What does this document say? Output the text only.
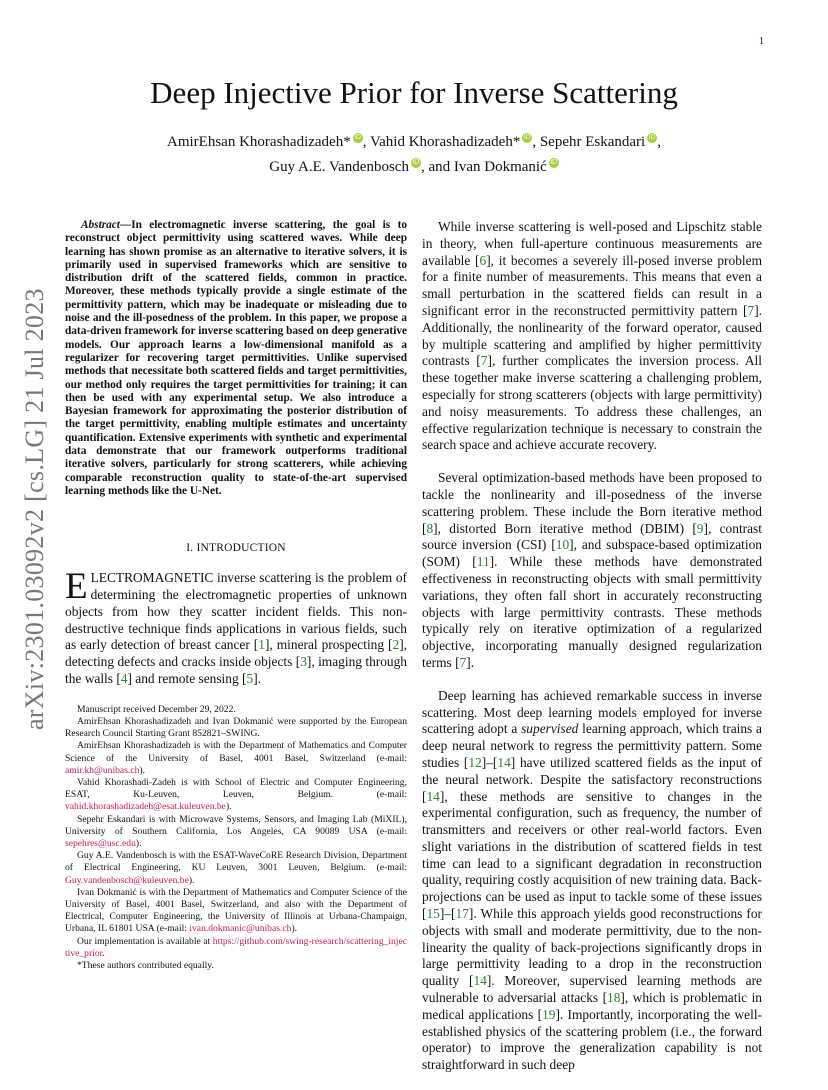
1
arXiv:2301.03092v2 [cs.LG] 21 Jul 2023
Deep Injective Prior for Inverse Scattering
AmirEhsan Khorashadizadeh* iD , Vahid Khorashadizadeh* iD , Sepehr Eskandari iD ,
Guy A.E. Vandenbosch iD , and Ivan Dokmanić iD

Abstract—In electromagnetic inverse scattering, the goal is to reconstruct object permittivity using scattered waves. While deep learning has shown promise as an alternative to iterative solvers, it is primarily used in supervised frameworks which are sensitive to distribution drift of the scattered fields, common in practice. Moreover, these methods typically provide a single estimate of the permittivity pattern, which may be inadequate or misleading due to noise and the ill-posedness of the problem. In this paper, we propose a data-driven framework for inverse scattering based on deep generative models. Our approach learns a low-dimensional manifold as a regularizer for recovering target permittivities. Unlike supervised methods that necessitate both scattered fields and target permittivities, our method only requires the target permittivities for training; it can then be used with any experimental setup. We also introduce a Bayesian framework for approximating the posterior distribution of the target permittivity, enabling multiple estimates and uncertainty quantification. Extensive experiments with synthetic and experimental data demonstrate that our framework outperforms traditional iterative solvers, particularly for strong scatterers, while achieving comparable reconstruction quality to state-of-the-art supervised learning methods like the U-Net.

I. INTRODUCTION

ELECTROMAGNETIC inverse scattering is the problem of determining the electromagnetic properties of unknown objects from how they scatter incident fields. This non-destructive technique finds applications in various fields, such as early detection of breast cancer [1], mineral prospecting [2], detecting defects and cracks inside objects [3], imaging through the walls [4] and remote sensing [5].

Manuscript received December 29, 2022.

AmirEhsan Khorashadizadeh and Ivan Dokmanić were supported by the European Research Council Starting Grant 852821–SWING.

AmirEhsan Khorashadizadeh is with the Department of Mathematics and Computer Science of the University of Basel, 4001 Basel, Switzerland (e-mail: amir.kh@unibas.ch).

Vahid Khorashadi-Zadeh is with School of Electric and Computer Engineering, ESAT, Ku-Leuven, Leuven, Belgium. (e-mail: vahid.khorashadizadeh@esat.kuleuven.be).

Sepehr Eskandari is with Microwave Systems, Sensors, and Imaging Lab (MiXIL), University of Southern California, Los Angeles, CA 90089 USA (e-mail: sepehres@usc.edu).

Guy A.E. Vandenbosch is with the ESAT-WaveCoRE Research Division, Department of Electrical Engineering, KU Leuven, 3001 Leuven, Belgium. (e-mail: Guy.vandenbosch@kuleuven.be).

Ivan Dokmanić is with the Department of Mathematics and Computer Science of the University of Basel, 4001 Basel, Switzerland, and also with the Department of Electrical, Computer Engineering, the University of Illinois at Urbana-Champaign, Urbana, IL 61801 USA (e-mail: ivan.dokmanic@unibas.ch).

Our implementation is available at https://github.com/swing-research/scattering_injective_prior.

*These authors contributed equally.

While inverse scattering is well-posed and Lipschitz stable in theory, when full-aperture continuous measurements are available [6], it becomes a severely ill-posed inverse problem for a finite number of measurements. This means that even a small perturbation in the scattered fields can result in a significant error in the reconstructed permittivity pattern [7]. Additionally, the nonlinearity of the forward operator, caused by multiple scattering and amplified by higher permittivity contrasts [7], further complicates the inversion process. All these together make inverse scattering a challenging problem, especially for strong scatterers (objects with large permittivity) and noisy measurements. To address these challenges, an effective regularization technique is necessary to constrain the search space and achieve accurate recovery.

Several optimization-based methods have been proposed to tackle the nonlinearity and ill-posedness of the inverse scattering problem. These include the Born iterative method [8], distorted Born iterative method (DBIM) [9], contrast source inversion (CSI) [10], and subspace-based optimization (SOM) [11]. While these methods have demonstrated effectiveness in reconstructing objects with small permittivity variations, they often fall short in accurately reconstructing objects with large permittivity contrasts. These methods typically rely on iterative optimization of a regularized objective, incorporating manually designed regularization terms [7].

Deep learning has achieved remarkable success in inverse scattering. Most deep learning models employed for inverse scattering adopt a supervised learning approach, which trains a deep neural network to regress the permittivity pattern. Some studies [12]–[14] have utilized scattered fields as the input of the neural network. Despite the satisfactory reconstructions [14], these methods are sensitive to changes in the experimental configuration, such as frequency, the number of transmitters and receivers or other real-world factors. Even slight variations in the distribution of scattered fields in test time can lead to a significant degradation in reconstruction quality, requiring costly acquisition of new training data. Back-projections can be used as input to tackle some of these issues [15]–[17]. While this approach yields good reconstructions for objects with small and moderate permittivity, due to the non-linearity the quality of back-projections significantly drops in large permittivity leading to a drop in the reconstruction quality [14]. Moreover, supervised learning methods are vulnerable to adversarial attacks [18], which is problematic in medical applications [19]. Importantly, incorporating the well-established physics of the scattering problem (i.e., the forward operator) to improve the generalization capability is not straightforward in such deep
